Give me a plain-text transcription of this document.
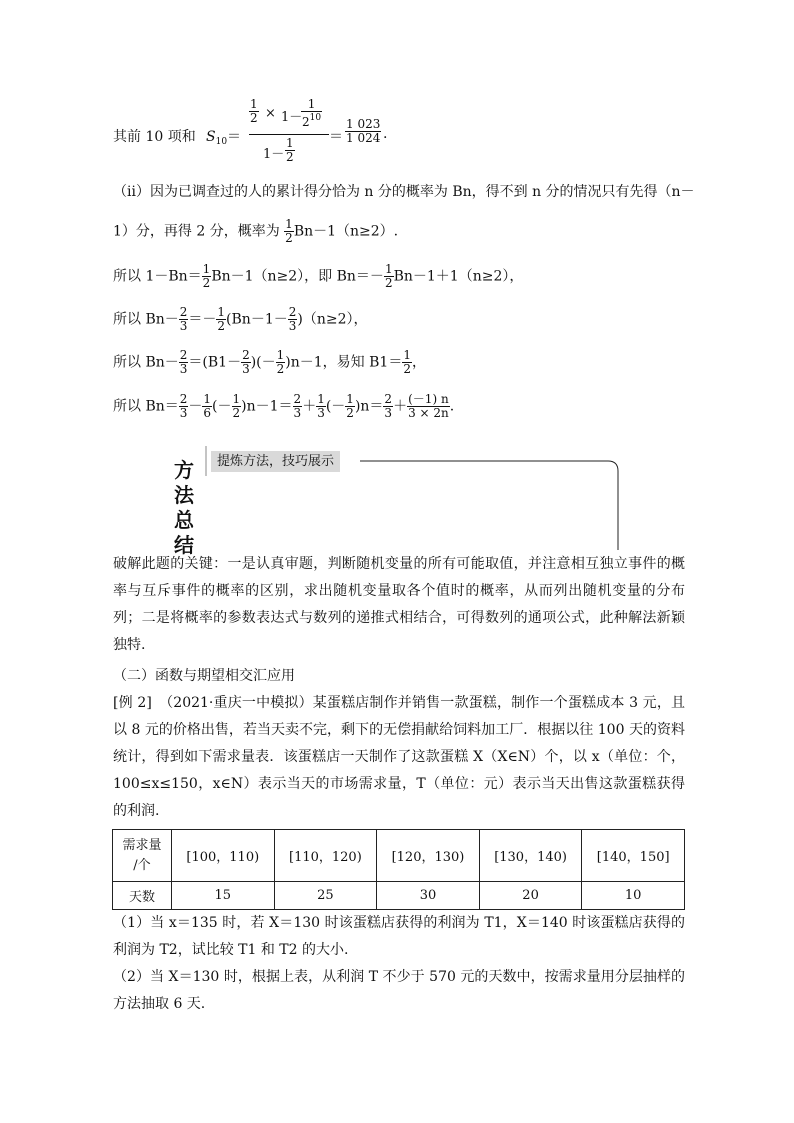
其前 10 项和 $S_{10}= \frac{1}{2} \times 1-$
$\frac{1}{2^{10}}$
$1- \frac{1}{2} = \frac{1 023}{1 024}$ .
（ⅱ）因为已调查过的人的累计得分恰为 n 分的概率为 Bn，得不到 n 分的情况只有先得（n－
1）分，再得 2 分，概率为 $\frac{1}{2} Bn-1(n\ge 2)$.
所以 $1-Bn= \frac{1}{2} Bn-1(n\ge 2)$，即 $Bn=- \frac{1}{2} Bn-1+1(n\ge 2)$，
所以 $Bn- \frac{2}{3} =- \frac{1}{2} (Bn-1- \frac{2}{3} )(n\ge 2)$，
所以 $Bn- \frac{2}{3} =(B1- \frac{2}{3}$ )(－ $\frac{1}{2} )n-1$，易知 $B1= \frac{1}{2}$ ，
所以 $Bn= \frac{2}{3} - \frac{1}{6}$ (－ $\frac{1}{2} )n-1= \frac{2}{3} + \frac{1}{3}$ (－ $\frac{1}{2} )n= \frac{2}{3} + \frac{(-1) n}{3 \times 2n}$ .
提炼方法，技巧展示
方法总结
破解此题的关键：一是认真审题，判断随机变量的所有可能取值，并注意相互独立事件的概率与互斥事件的概率的区别，求出随机变量取各个值时的概率，从而列出随机变量的分布列；二是将概率的参数表达式与数列的递推式相结合，可得数列的通项公式，此种解法新颖独特.
（二）函数与期望相交汇应用
[例 2]　（2021·重庆一中模拟）某蛋糕店制作并销售一款蛋糕，制作一个蛋糕成本 3 元，且以 8 元的价格出售，若当天卖不完，剩下的无偿捐献给饲料加工厂．根据以往 100 天的资料统计，得到如下需求量表．该蛋糕店一天制作了这款蛋糕 X（X∈N）个，以 x（单位：个，100≤x≤150，x∈N）表示当天的市场需求量，T（单位：元）表示当天出售这款蛋糕获得的利润.
需求量
/个	[100，110)	[110，120)	[120，130)	[130，140)	[140，150]
天数	15	25	30	20	10
（1）当 x＝135 时，若 X＝130 时该蛋糕店获得的利润为 T1，X＝140 时该蛋糕店获得的利润为 T2，试比较 T1 和 T2 的大小.
（2）当 X＝130 时，根据上表，从利润 T 不少于 570 元的天数中，按需求量用分层抽样的方法抽取 6 天.
